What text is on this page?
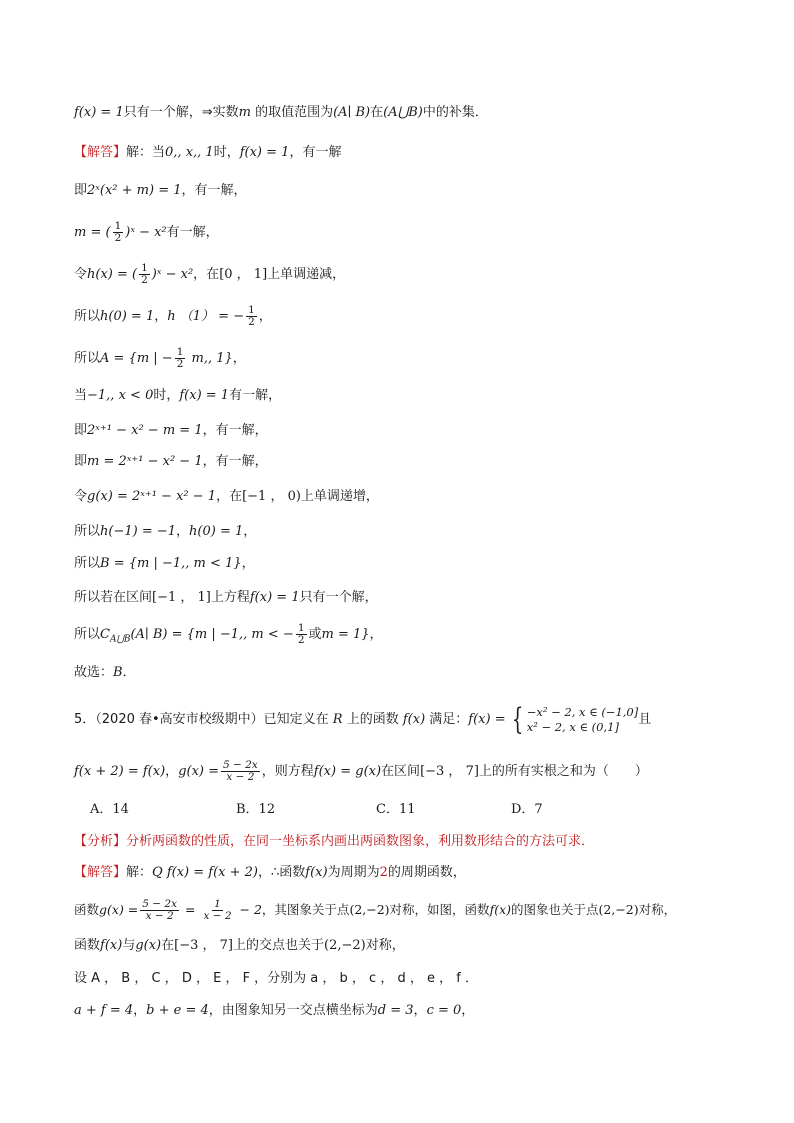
f(x) = 1只有一个解，⇒实数m 的取值范围为(A∣ B)在(A⋃B)中的补集．
【解答】解：当0,, x,, 1时，f(x) = 1，有一解
即2ˣ(x² + m) = 1，有一解，
m = ( $\frac{1}{2}$ )ˣ − x²有一解，
令h(x) = ( $\frac{1}{2}$ )ˣ − x²，在[0 ， 1]上单调递减，
所以h(0) = 1，h （1） = − $\frac{1}{2}$ ，
所以A = {m | − $\frac{1}{2} m$,, 1}，
当−1,, x < 0时，f(x) = 1有一解，
即2ˣ⁺¹ − x² − m = 1，有一解，
即m = 2ˣ⁺¹ − x² − 1，有一解，
令g(x) = 2ˣ⁺¹ − x² − 1，在[−1 ， 0)上单调递增，
所以h(−1) = −1，h(0) = 1，
所以B = {m | −1,, m < 1}，
所以若在区间[−1 ， 1]上方程f(x) = 1只有一个解，
所以$C_{A⋃B}(A∣$ B) = {m | −1,, m < − $\frac{1}{2}$ 或m = 1}，
故选：B．
5．（2020 春•高安市校级期中）已知定义在 R 上的函数 f(x) 满足：f(x) = { −x² − 2, x ∈ (−1,0]
x² − 2, x ∈ (0,1]	且
f(x + 2) = f(x)，$g(x) = \frac{5 - 2x}{x - 2}$ ，则方程f(x) = g(x)在区间[−3 ， 7]上的所有实根之和为（　　）
A．14	B．12	C．11	D．7
【分析】分析两函数的性质，在同一坐标系内画出两函数图象，利用数形结合的方法可求．
【解答】解：Q f(x) = f(x + 2)，∴函数f(x)为周期为2的周期函数，
函数$g(x) = \frac{5 - 2x}{x - 2} = \frac{1}{x - 2} - 2$，其图象关于点(2,−2)对称，如图，函数f(x)的图象也关于点(2,−2)对称，
函数f(x)与g(x)在[−3 ， 7]上的交点也关于(2,−2)对称，
设 A ， B ， C ， D ， E ， F ，分别为 a ， b ， c ， d ， e ， f ．
a + f = 4，b + e = 4，由图象知另一交点横坐标为d = 3，c = 0，
